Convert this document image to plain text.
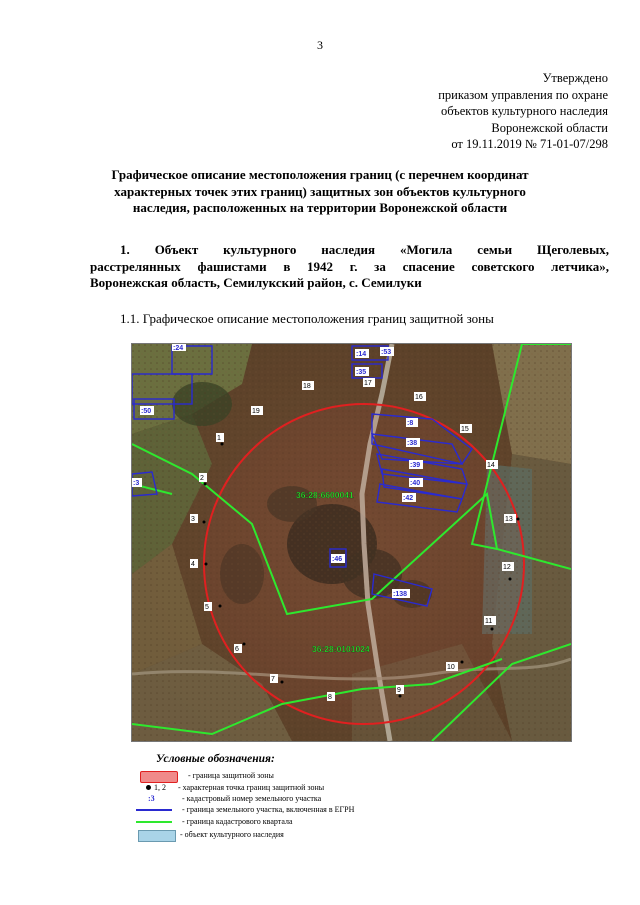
3
Утверждено
приказом управления по охране
объектов культурного наследия
Воронежской области
от 19.11.2019 № 71-01-07/298
Графическое описание местоположения границ (с перечнем координат
характерных точек этих границ) защитных зон объектов культурного
наследия, расположенных на территории Воронежской области
1. Объект культурного наследия «Могила семьи Щеголевых,
расстрелянных фашистами в 1942 г. за спасение советского летчика»,
Воронежская область, Семилукский район, с. Семилуки
1.1. Графическое описание местоположения границ защитной зоны
36:28:6600041
36:28:0101024
:14 :53
:35
:50
:8
:38
:39
:40
:42
:46
:138
:24
:3
1
2
3
4
5
6
7
8
9
10
11
12
13
14
15
16
17
18
19
Условные обозначения:
- граница защитной зоны
1, 2 - характерная точка границ защитной зоны
:3	- кадастровый номер земельного участка
- граница земельного участка, включенная в ЕГРН
- граница кадастрового квартала
- объект культурного наследия
